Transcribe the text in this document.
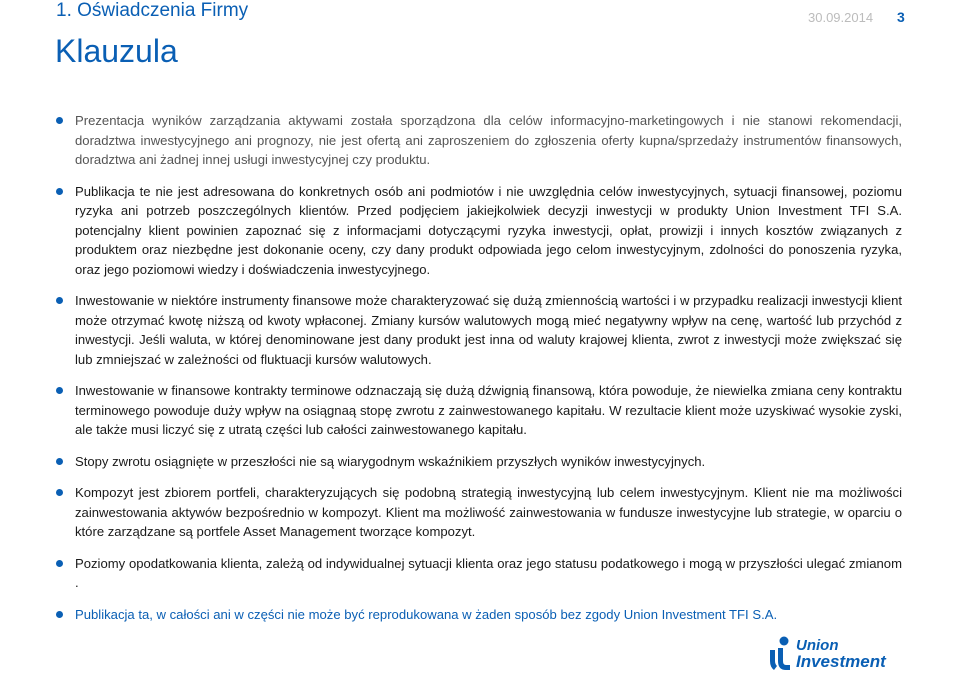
1. Oświadczenia Firmy	30.09.2014 3
Klauzula
Prezentacja wyników zarządzania aktywami została sporządzona dla celów informacyjno-marketingowych i nie stanowi rekomendacji, doradztwa inwestycyjnego ani prognozy, nie jest ofertą ani zaproszeniem do zgłoszenia oferty kupna/sprzedaży instrumentów finansowych, doradztwa ani żadnej innej usługi inwestycyjnej czy produktu.
Publikacja te nie jest adresowana do konkretnych osób ani podmiotów i nie uwzględnia celów inwestycyjnych, sytuacji finansowej, poziomu ryzyka ani potrzeb poszczególnych klientów. Przed podjęciem jakiejkolwiek decyzji inwestycji w produkty Union Investment TFI S.A. potencjalny klient powinien zapoznać się z informacjami dotyczącymi ryzyka inwestycji, opłat, prowizji i innych kosztów związanych z produktem oraz niezbędne jest dokonanie oceny, czy dany produkt odpowiada jego celom inwestycyjnym, zdolności do ponoszenia ryzyka, oraz jego poziomowi wiedzy i doświadczenia inwestycyjnego.
Inwestowanie w niektóre instrumenty finansowe może charakteryzować się dużą zmiennością wartości i w przypadku realizacji inwestycji klient może otrzymać kwotę niższą od kwoty wpłaconej. Zmiany kursów walutowych mogą mieć negatywny wpływ na cenę, wartość lub przychód z inwestycji. Jeśli waluta, w której denominowane jest dany produkt jest inna od waluty krajowej klienta, zwrot z inwestycji może zwiększać się lub zmniejszać w zależności od fluktuacji kursów walutowych.
Inwestowanie w finansowe kontrakty terminowe odznaczają się dużą dźwignią finansową, która powoduje, że niewielka zmiana ceny kontraktu terminowego powoduje duży wpływ na osiągnaą stopę zwrotu z zainwestowanego kapitału. W rezultacie klient może uzyskiwać wysokie zyski, ale także musi liczyć się z utratą części lub całości zainwestowanego kapitału.
Stopy zwrotu osiągnięte w przeszłości nie są wiarygodnym wskaźnikiem przyszłych wyników inwestycyjnych.
Kompozyt jest zbiorem portfeli, charakteryzujących się podobną strategią inwestycyjną lub celem inwestycyjnym. Klient nie ma możliwości zainwestowania aktywów bezpośrednio w kompozyt. Klient ma możliwość zainwestowania w fundusze inwestycyjne lub strategie, w oparciu o które zarządzane są portfele Asset Management tworzące kompozyt.
Poziomy opodatkowania klienta, zależą od indywidualnej sytuacji klienta oraz jego statusu podatkowego i mogą w przyszłości ulegać zmianom .
Publikacja ta, w całości ani w części nie może być reprodukowana w żaden sposób bez zgody Union Investment TFI S.A.
Union
Investment
